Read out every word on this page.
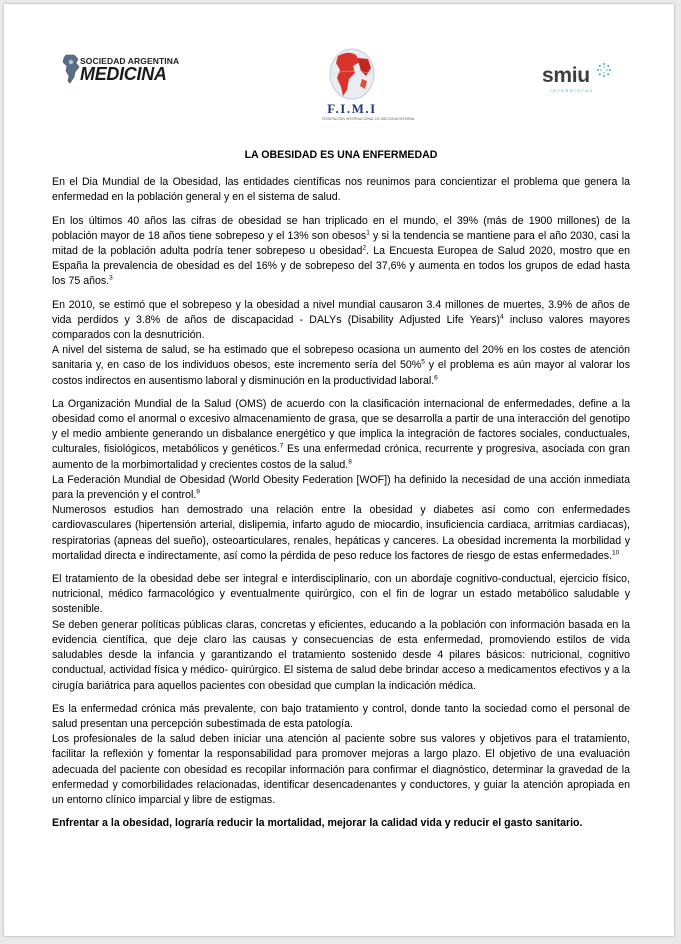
SOCIEDAD ARGENTINA
MEDICINA
F.I.M.I
FEDERACIÓN INTERNACIONAL DE MEDICINA INTERNA
smiu
INTERNISTAS
LA OBESIDAD ES UNA ENFERMEDAD

En el Dia Mundial de la Obesidad, las entidades científicas nos reunimos para concientizar el problema que genera la enfermedad en la población general y en el sistema de salud.

En los últimos 40 años las cifras de obesidad se han triplicado en el mundo, el 39% (más de 1900 millones) de la población mayor de 18 años tiene sobrepeso y el 13% son obesos$^1$ y si la tendencia se mantiene para el año 2030, casi la mitad de la población adulta podría tener sobrepeso u obesidad$^2$. La Encuesta Europea de Salud 2020, mostro que en España la prevalencia de obesidad es del 16% y de sobrepeso del 37,6% y aumenta en todos los grupos de edad hasta los 75 años.$^3$

En 2010, se estimó que el sobrepeso y la obesidad a nivel mundial causaron 3.4 millones de muertes, 3.9% de años de vida perdidos y 3.8% de años de discapacidad - DALYs (Disability Adjusted Life Years)$^4$ incluso valores mayores comparados con la desnutrición.

A nivel del sistema de salud, se ha estimado que el sobrepeso ocasiona un aumento del 20% en los costes de atención sanitaria y, en caso de los individuos obesos, este incremento sería del 50%$^5$ y el problema es aún mayor al valorar los costos indirectos en ausentismo laboral y disminución en la productividad laboral.$^6$

La Organización Mundial de la Salud (OMS) de acuerdo con la clasificación internacional de enfermedades, define a la obesidad como el anormal o excesivo almacenamiento de grasa, que se desarrolla a partir de una interacción del genotipo y el medio ambiente generando un disbalance energético y que implica la integración de factores sociales, conductuales, culturales, fisiológicos, metabólicos y genéticos.$^7$ Es una enfermedad crónica, recurrente y progresiva, asociada con gran aumento de la morbimortalidad y crecientes costos de la salud.$^8$

La Federación Mundial de Obesidad (World Obesity Federation [WOF]) ha definido la necesidad de una acción inmediata para la prevención y el control.$^9$

Numerosos estudios han demostrado una relación entre la obesidad y diabetes así como con enfermedades cardiovasculares (hipertensión arterial, dislipemia, infarto agudo de miocardio, insuficiencia cardiaca, arritmias cardiacas), respiratorias (apneas del sueño), osteoarticulares, renales, hepáticas y canceres. La obesidad incrementa la morbilidad y mortalidad directa e indirectamente, así como la pérdida de peso reduce los factores de riesgo de estas enfermedades.$^{10}$

El tratamiento de la obesidad debe ser integral e interdisciplinario, con un abordaje cognitivo-conductual, ejercicio físico, nutricional, médico farmacológico y eventualmente quirúrgico, con el fin de lograr un estado metabólico saludable y sostenible.

Se deben generar políticas públicas claras, concretas y eficientes, educando a la población con información basada en la evidencia científica, que deje claro las causas y consecuencias de esta enfermedad, promoviendo estilos de vida saludables desde la infancia y garantizando el tratamiento sostenido desde 4 pilares básicos: nutricional, cognitivo conductual, actividad física y médico- quirúrgico. El sistema de salud debe brindar acceso a medicamentos efectivos y a la cirugía bariátrica para aquellos pacientes con obesidad que cumplan la indicación médica.

Es la enfermedad crónica más prevalente, con bajo tratamiento y control, donde tanto la sociedad como el personal de salud presentan una percepción subestimada de esta patología.

Los profesionales de la salud deben iniciar una atención al paciente sobre sus valores y objetivos para el tratamiento, facilitar la reflexión y fomentar la responsabilidad para promover mejoras a largo plazo. El objetivo de una evaluación adecuada del paciente con obesidad es recopilar información para confirmar el diagnóstico, determinar la gravedad de la enfermedad y comorbilidades relacionadas, identificar desencadenantes y conductores, y guiar la atención apropiada en un entorno clínico imparcial y libre de estigmas.

Enfrentar a la obesidad, lograría reducir la mortalidad, mejorar la calidad vida y reducir el gasto sanitario.
